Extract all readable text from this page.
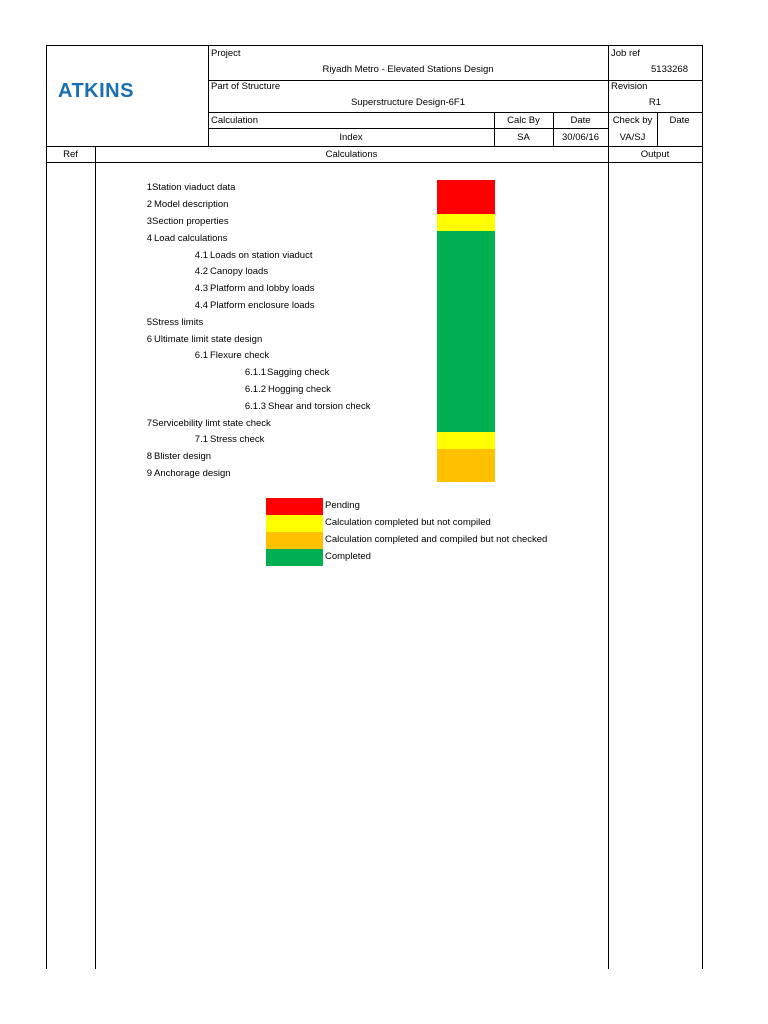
ATKINS
Project
Riyadh Metro - Elevated Stations Design
Job ref
5133268
Part of Structure
Superstructure Design-6F1
Revision
R1
Calculation
Index
Calc By
SA
Date
30/06/16
Check by
VA/SJ
Date
Ref	Calculations	Output
1 Station viaduct data
2 Model description
3 Section properties
4 Load calculations
4.1 Loads on station viaduct
4.2 Canopy loads
4.3 Platform and lobby loads
4.4 Platform enclosure loads
5 Stress limits
6 Ultimate limit state design
6.1 Flexure check
6.1.1 Sagging check
6.1.2 Hogging check
6.1.3 Shear and torsion check
7 Servicebility limt state check
7.1 Stress check
8 Blister design
9 Anchorage design
Pending
Calculation completed but not compiled
Calculation completed and compiled but not checked
Completed
